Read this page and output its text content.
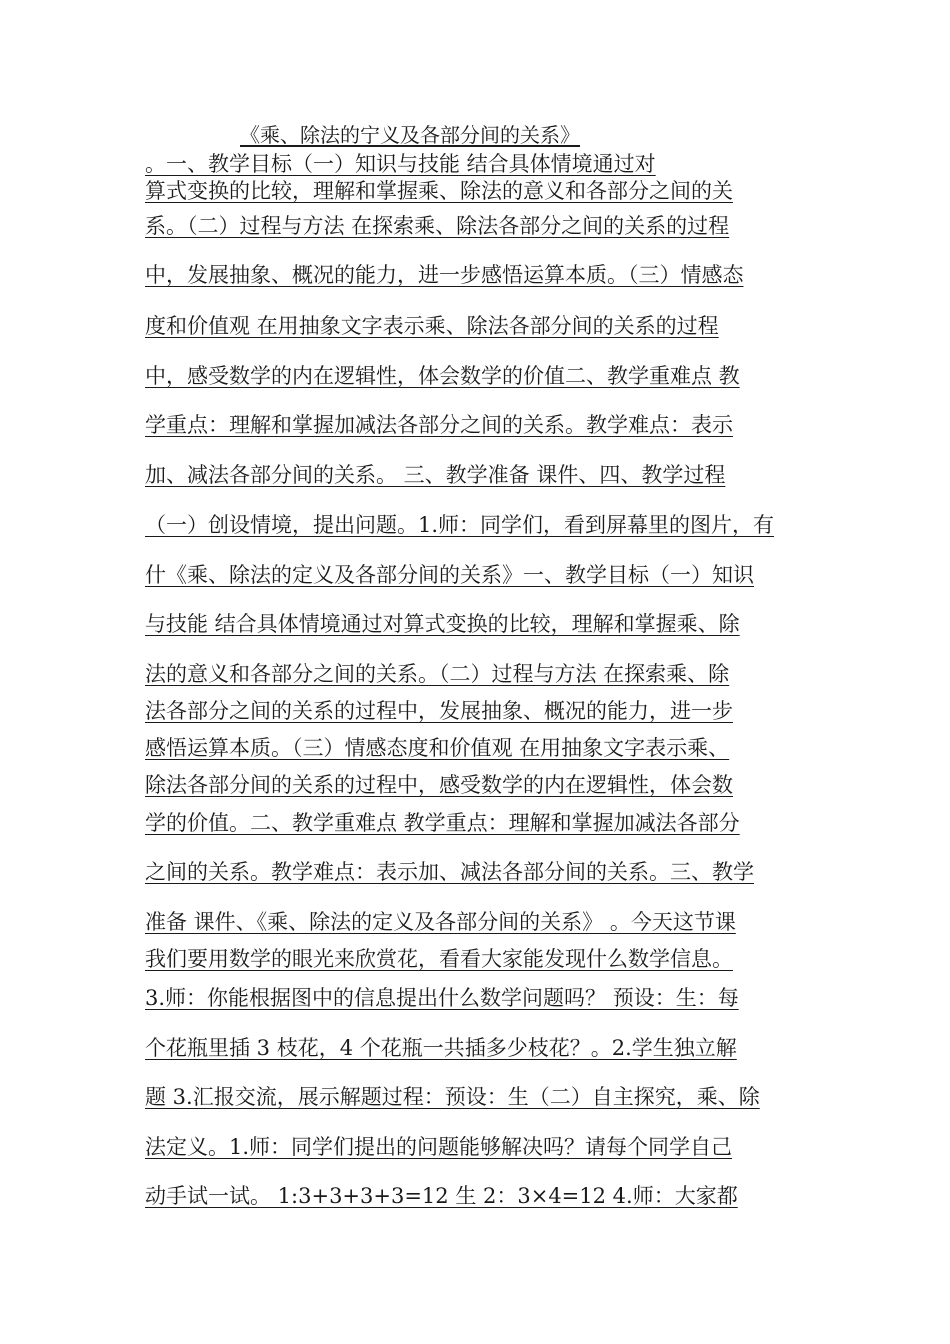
《乘、除法的宁义及各部分间的关系》

。一、教学目标（一）知识与技能 结合具体情境通过对

算式变换的比较，理解和掌握乘、除法的意义和各部分之间的关

系。（二）过程与方法 在探索乘、除法各部分之间的关系的过程

中，发展抽象、概况的能力，进一步感悟运算本质。（三）情感态

度和价值观 在用抽象文字表示乘、除法各部分间的关系的过程

中，感受数学的内在逻辑性，体会数学的价值二、教学重难点 教

学重点：理解和掌握加减法各部分之间的关系。教学难点：表示

加、减法各部分间的关系。 三、教学准备 课件、四、教学过程

（一）创设情境，提出问题。1.师：同学们，看到屏幕里的图片，有

什《乘、除法的定义及各部分间的关系》一、教学目标（一）知识

与技能 结合具体情境通过对算式变换的比较，理解和掌握乘、除

法的意义和各部分之间的关系。（二）过程与方法 在探索乘、除

法各部分之间的关系的过程中，发展抽象、概况的能力，进一步

感悟运算本质。（三）情感态度和价值观 在用抽象文字表示乘、

除法各部分间的关系的过程中，感受数学的内在逻辑性，体会数

学的价值。二、教学重难点 教学重点：理解和掌握加减法各部分

之间的关系。教学难点：表示加、减法各部分间的关系。三、教学

准备 课件、《乘、除法的定义及各部分间的关系》 。今天这节课

我们要用数学的眼光来欣赏花，看看大家能发现什么数学信息。

3.师：你能根据图中的信息提出什么数学问题吗？ 预设：生：每

个花瓶里插 3 枝花，4 个花瓶一共插多少枝花？。2.学生独立解

题 3.汇报交流，展示解题过程：预设：生（二）自主探究，乘、除

法定义。1.师：同学们提出的问题能够解决吗？请每个同学自己

动手试一试。 1:3+3+3+3=12 生 2：3×4=12 4.师：大家都
